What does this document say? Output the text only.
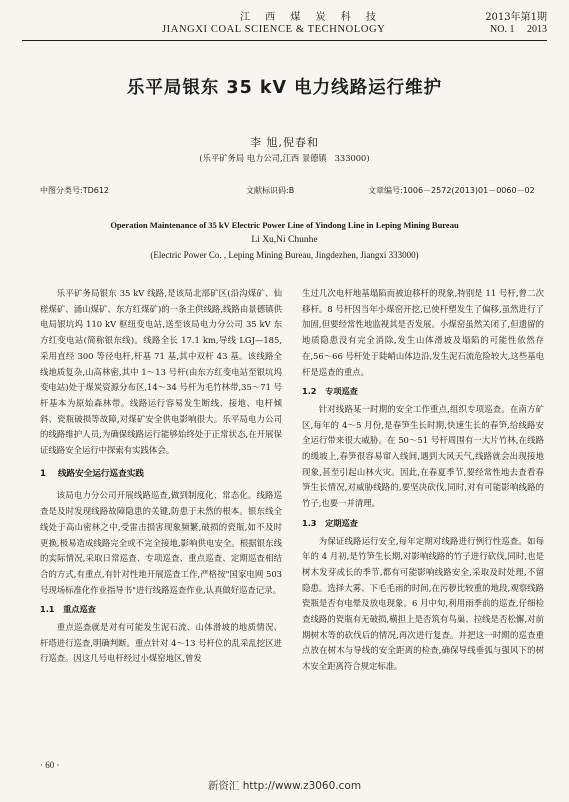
江 西 煤 炭 科 技
JIANGXI COAL SCIENCE & TECHNOLOGY
2013年第1期
NO. 1     2013
乐平局银东 35 kV 电力线路运行维护
李 旭,倪春和
(乐平矿务局 电力公司,江西 景德镇   333000)
中图分类号:TD612	文献标识码:B	文章编号:1006－2572(2013)01－0060－02
Operation Maintenance of 35 kV Electric Power Line of Yindong Line in Leping Mining Bureau
Li Xu,Ni Chunhe
(Electric Power Co. , Leping Mining Bureau, Jingdezhen, Jiangxi 333000)

乐平矿务局银东 35 kV 线路,是该局北部矿区(沿沟煤矿、仙槎煤矿、涌山煤矿、东方红煤矿)的一条主供线路,线路由景德镇供电局银坑坞 110 kV 枢纽变电站,送至该局电力分公司 35 kV 东方红变电站(简称银东线)。线路全长 17.1 km,导线 LGJ—185,采用直经 300 等径电杆,杆基 71 基,其中双杆 43 基。该线路全线地质复杂,山高林密,其中 1～13 号杆(由东方红变电站至银坑坞变电站)处于煤炭资源分布区,14～34 号杆为毛竹林带,35～71 号杆基本为原始森林带。线路运行容易发生断线、接地、电杆倾斜、瓷瓶破损等故障,对煤矿安全供电影响很大。乐平局电力公司的线路维护人员,为确保线路运行能够始终处于正常状态,在开展保证线路安全运行中探索有实践体会。

1 线路安全运行巡查实践

该局电力分公司开展线路巡查,做到制度化、常态化。线路巡查是及时发现线路故障隐患的关键,防患于未然的根本。银东线全线处于高山密林之中,受雷击损害现象频繁,破损的瓷瓶,如不及时更换,极易造成线路完全或不完全接地,影响供电安全。根据银东线的实际情况,采取日常巡查、专项巡查、重点巡查、定期巡查相结合的方式,有重点,有针对性地开展巡查工作,严格按"国家电网 503 号现场标准化作业指导书"进行线路巡查作业,认真做好巡查记录。

1.1 重点巡查

重点巡查就是对有可能发生泥石流、山体滑坡的地质情况、杆塔进行巡查,明确判断。重点针对 4～13 号杆位的乱采乱挖区进行巡查。因这几号电杆经过小煤窑地区,曾发

生过几次电杆地基塌陷而被迫移杆的现象,特别是 11 号杆,曾二次移杆。8 号杆因当年小煤窑开挖,已使杆塑发生了偏移,虽然进行了加固,但要经常性地监视其是否发展。小煤窑虽然关闭了,但遗留的地质隐患没有完全消除,发生山体滑坡及塌陷的可能性依然存在,56～66 号杆处于陡峭山体边沿,发生泥石流危险较大,这些基电杆是巡查的重点。

1.2 专项巡查

针对线路某一时期的安全工作重点,组织专项巡查。在南方矿区,每年的 4～5 月份,是春笋生长时期,快速生长的春笋,给线路安全运行带来很大威胁。在 50～51 号杆周围有一大片竹林,在线路的缓坡上,春笋很容易窜入线间,遇到大风天气,线路就会出现接地现象,甚至引起山林火灾。因此,在春夏季节,要经常性地去查看春笋生长情况,对威胁线路的,要坚决砍伐,同时,对有可能影响线路的竹子,也要一并清理。

1.3 定期巡查

为保证线路运行安全,每年定期对线路进行例行性巡查。如每年的 4 月初,是竹笋生长期,对影响线路的竹子进行砍伐,同时,也是树木发芽成长的季节,都有可能影响线路安全,采取及时处理,不留隐患。选择大雾、下毛毛雨的时间,在污秽比较重的地段,观察线路瓷瓶是否有电晕及放电现象。6 月中旬,利用雨季前的巡查,仔细检查线路的瓷瓶有无破损,横担上是否筑有鸟巢、拉线是否松懈,对前期树木等的砍伐后的情况,再次进行复查。并把这一时期的巡查重点放在树木与导线的安全距离的检查,确保导线垂弧与强风下的树木安全距离符合规定标准。

· 60 ·
新资汇 http://www.z3060.com
